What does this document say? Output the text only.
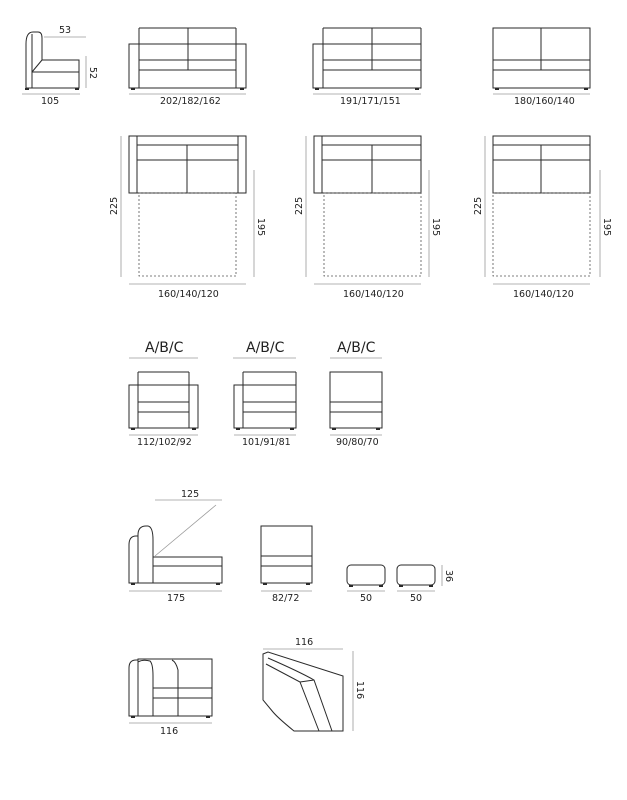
53
52
105	202/182/162	191/171/151	180/160/140
225
195
160/140/120
225
195
160/140/120
225
195
160/140/120
A/B/C
112/102/92
A/B/C
101/91/81
A/B/C
90/80/70
125
175	82/72	50	50
36
116
116
116
